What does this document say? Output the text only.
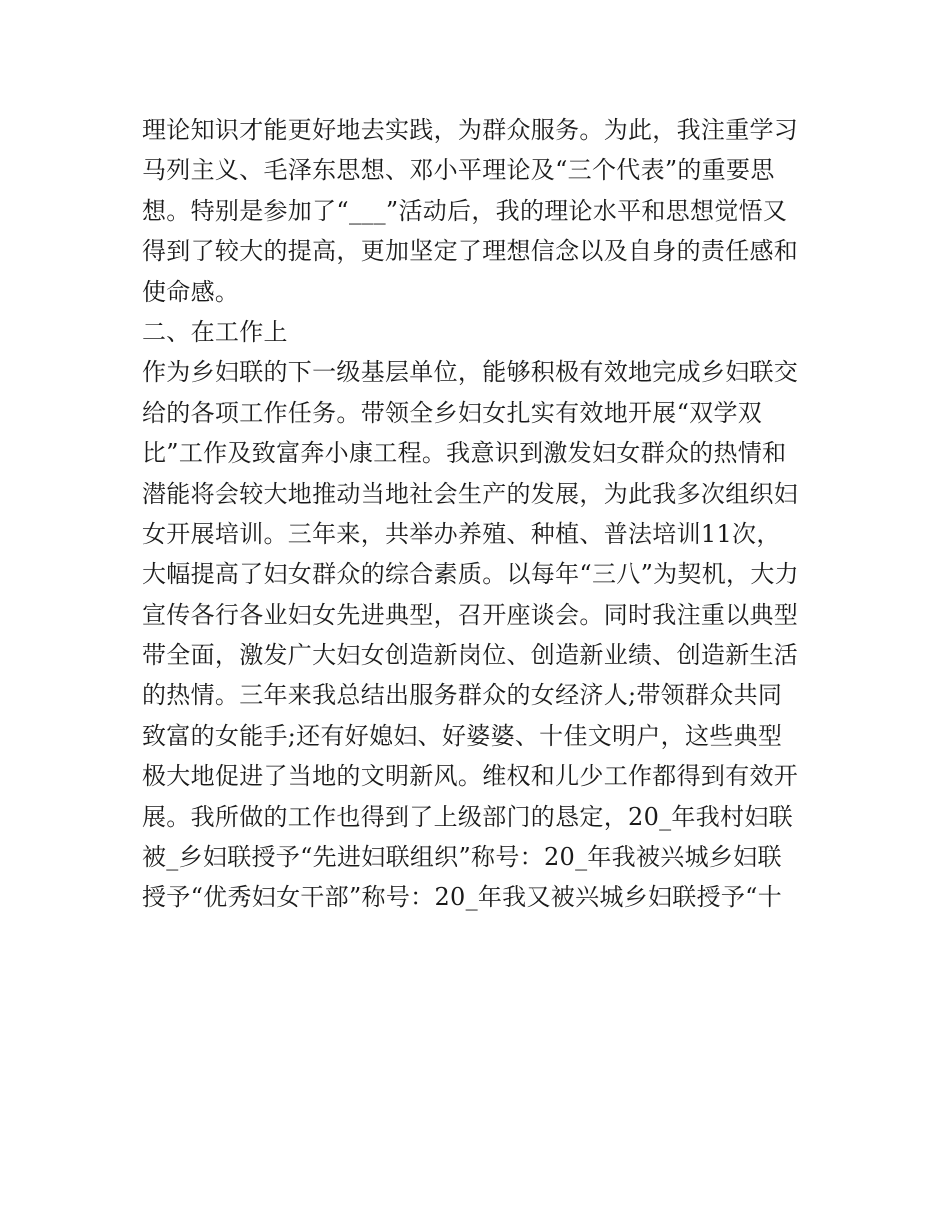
理论知识才能更好地去实践，为群众服务。为此，我注重学习
马列主义、毛泽东思想、邓小平理论及“三个代表”的重要思
想。特别是参加了“___”活动后，我的理论水平和思想觉悟又
得到了较大的提高，更加坚定了理想信念以及自身的责任感和
使命感。
二、在工作上
作为乡妇联的下一级基层单位，能够积极有效地完成乡妇联交
给的各项工作任务。带领全乡妇女扎实有效地开展“双学双
比”工作及致富奔小康工程。我意识到激发妇女群众的热情和
潜能将会较大地推动当地社会生产的发展，为此我多次组织妇
女开展培训。三年来，共举办养殖、种植、普法培训11次，
大幅提高了妇女群众的综合素质。以每年“三八”为契机，大力
宣传各行各业妇女先进典型，召开座谈会。同时我注重以典型
带全面，激发广大妇女创造新岗位、创造新业绩、创造新生活
的热情。三年来我总结出服务群众的女经济人;带领群众共同
致富的女能手;还有好媳妇、好婆婆、十佳文明户，这些典型
极大地促进了当地的文明新风。维权和儿少工作都得到有效开
展。我所做的工作也得到了上级部门的恳定，20_年我村妇联
被_乡妇联授予“先进妇联组织”称号：20_年我被兴城乡妇联
授予“优秀妇女干部”称号：20_年我又被兴城乡妇联授予“十
